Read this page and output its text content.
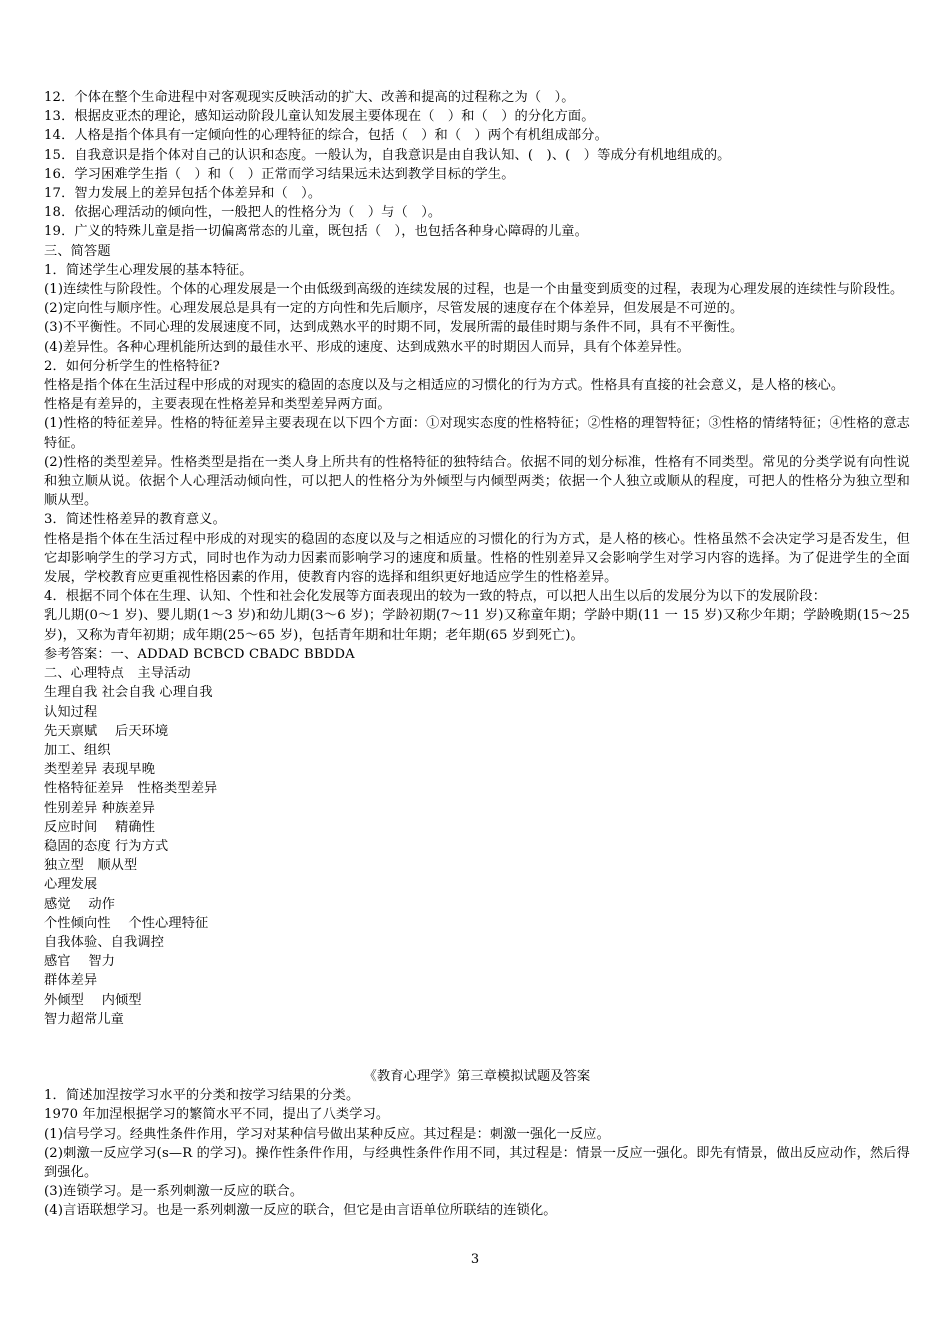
12．个体在整个生命进程中对客观现实反映活动的扩大、改善和提高的过程称之为（　）。
13．根据皮亚杰的理论，感知运动阶段儿童认知发展主要体现在（　）和（　）的分化方面。
14．人格是指个体具有一定倾向性的心理特征的综合，包括（　）和（　）两个有机组成部分。
15．自我意识是指个体对自己的认识和态度。一般认为，自我意识是由自我认知、(　)、(　）等成分有机地组成的。
16．学习困难学生指（　）和（　）正常而学习结果远未达到教学目标的学生。
17．智力发展上的差异包括个体差异和（　）。
18．依据心理活动的倾向性，一般把人的性格分为（　）与（　）。
19．广义的特殊儿童是指一切偏离常态的儿童，既包括（　），也包括各种身心障碍的儿童。
三、简答题
1．简述学生心理发展的基本特征。
(1)连续性与阶段性。个体的心理发展是一个由低级到高级的连续发展的过程，也是一个由量变到质变的过程，表现为心理发展的连续性与阶段性。
(2)定向性与顺序性。心理发展总是具有一定的方向性和先后顺序，尽管发展的速度存在个体差异，但发展是不可逆的。
(3)不平衡性。不同心理的发展速度不同，达到成熟水平的时期不同，发展所需的最佳时期与条件不同，具有不平衡性。
(4)差异性。各种心理机能所达到的最佳水平、形成的速度、达到成熟水平的时期因人而异，具有个体差异性。
2．如何分析学生的性格特征?
性格是指个体在生活过程中形成的对现实的稳固的态度以及与之相适应的习惯化的行为方式。性格具有直接的社会意义，是人格的核心。
性格是有差异的，主要表现在性格差异和类型差异两方面。
(1)性格的特征差异。性格的特征差异主要表现在以下四个方面：①对现实态度的性格特征；②性格的理智特征；③性格的情绪特征；④性格的意志特征。
(2)性格的类型差异。性格类型是指在一类人身上所共有的性格特征的独特结合。依据不同的划分标准，性格有不同类型。常见的分类学说有向性说和独立顺从说。依据个人心理活动倾向性，可以把人的性格分为外倾型与内倾型两类；依据一个人独立或顺从的程度，可把人的性格分为独立型和顺从型。
3．简述性格差异的教育意义。
性格是指个体在生活过程中形成的对现实的稳固的态度以及与之相适应的习惯化的行为方式，是人格的核心。性格虽然不会决定学习是否发生，但它却影响学生的学习方式，同时也作为动力因素而影响学习的速度和质量。性格的性别差异又会影响学生对学习内容的选择。为了促进学生的全面发展，学校教育应更重视性格因素的作用，使教育内容的选择和组织更好地适应学生的性格差异。
4．根据不同个体在生理、认知、个性和社会化发展等方面表现出的较为一致的特点，可以把人出生以后的发展分为以下的发展阶段：
乳儿期(0～1 岁)、婴儿期(1～3 岁)和幼儿期(3～6 岁)；学龄初期(7～11 岁)又称童年期；学龄中期(11 一 15 岁)又称少年期；学龄晚期(15～25 岁)，又称为青年初期；成年期(25～65 岁)，包括青年期和壮年期；老年期(65 岁到死亡)。
参考答案：一、ADDAD BCBCD CBADC BBDDA
二、心理特点　主导活动
生理自我 社会自我 心理自我
认知过程
先天禀赋　 后天环境
加工、组织
类型差异 表现早晚
性格特征差异　性格类型差异
性别差异 种族差异
反应时间　 精确性
稳固的态度 行为方式
独立型　顺从型
心理发展
感觉　 动作
个性倾向性　 个性心理特征
自我体验、自我调控
感官　 智力
群体差异
外倾型　 内倾型
智力超常儿童
《教育心理学》第三章模拟试题及答案
1．简述加涅按学习水平的分类和按学习结果的分类。
1970 年加涅根据学习的繁简水平不同，提出了八类学习。
(1)信号学习。经典性条件作用，学习对某种信号做出某种反应。其过程是：刺激一强化一反应。
(2)刺激一反应学习(s—R 的学习)。操作性条件作用，与经典性条件作用不同，其过程是：情景一反应一强化。即先有情景，做出反应动作，然后得到强化。
(3)连锁学习。是一系列刺激一反应的联合。
(4)言语联想学习。也是一系列刺激一反应的联合，但它是由言语单位所联结的连锁化。
3
